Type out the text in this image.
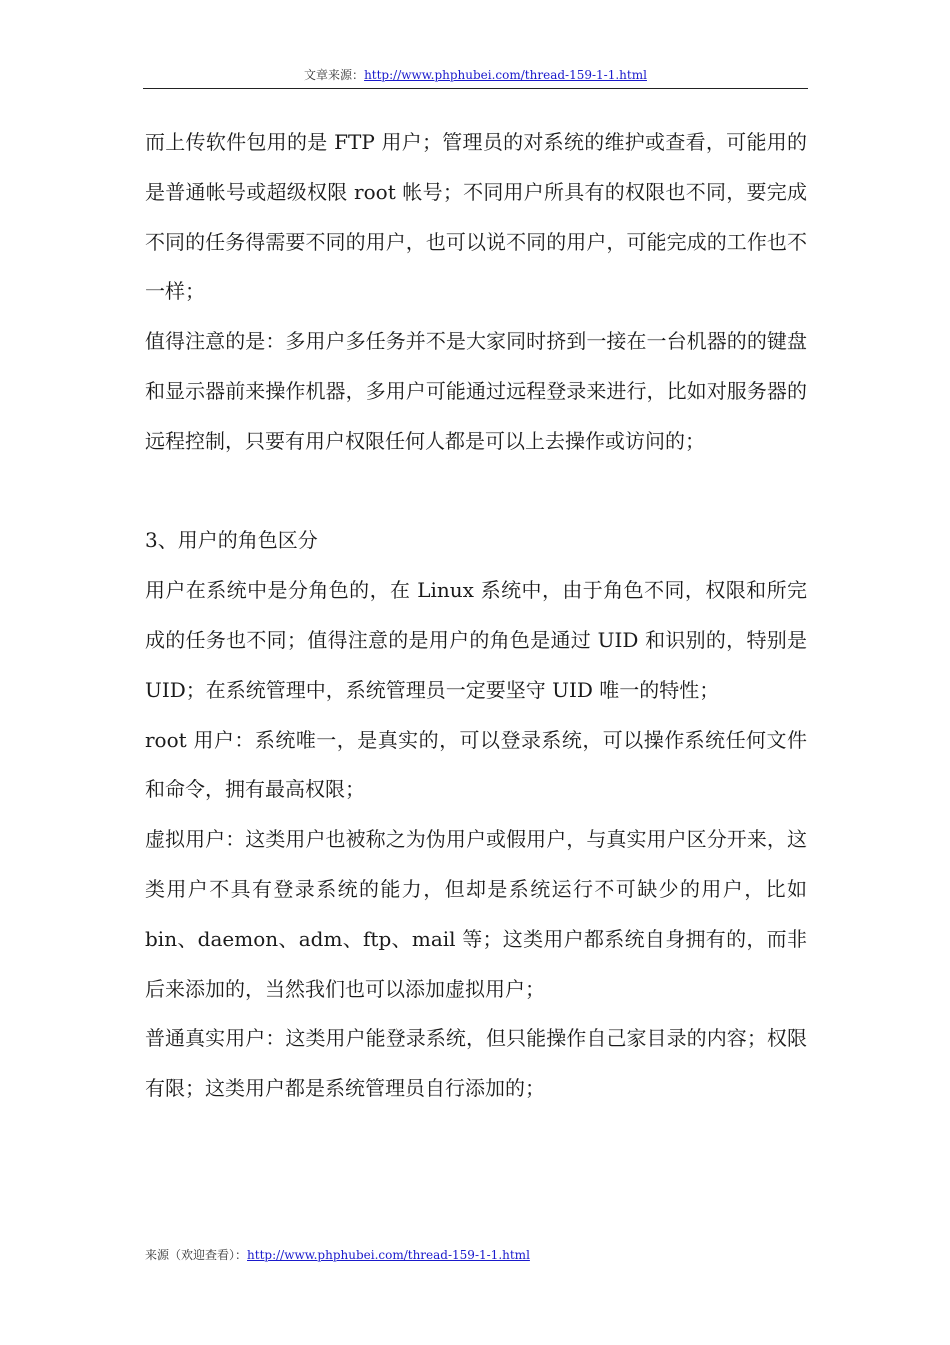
文章来源：http://www.phphubei.com/thread-159-1-1.html

而上传软件包用的是 FTP 用户；管理员的对系统的维护或查看，可能用的是普通帐号或超级权限 root 帐号；不同用户所具有的权限也不同，要完成不同的任务得需要不同的用户，也可以说不同的用户，可能完成的工作也不一样；

值得注意的是：多用户多任务并不是大家同时挤到一接在一台机器的的键盘和显示器前来操作机器，多用户可能通过远程登录来进行，比如对服务器的远程控制，只要有用户权限任何人都是可以上去操作或访问的；

3、用户的角色区分

用户在系统中是分角色的，在 Linux 系统中，由于角色不同，权限和所完成的任务也不同；值得注意的是用户的角色是通过 UID 和识别的，特别是 UID；在系统管理中，系统管理员一定要坚守 UID 唯一的特性；

root 用户：系统唯一，是真实的，可以登录系统，可以操作系统任何文件和命令，拥有最高权限；

虚拟用户：这类用户也被称之为伪用户或假用户，与真实用户区分开来，这类用户不具有登录系统的能力，但却是系统运行不可缺少的用户，比如 bin、daemon、adm、ftp、mail 等；这类用户都系统自身拥有的，而非后来添加的，当然我们也可以添加虚拟用户；

普通真实用户：这类用户能登录系统，但只能操作自己家目录的内容；权限有限；这类用户都是系统管理员自行添加的；

来源（欢迎查看）：http://www.phphubei.com/thread-159-1-1.html
